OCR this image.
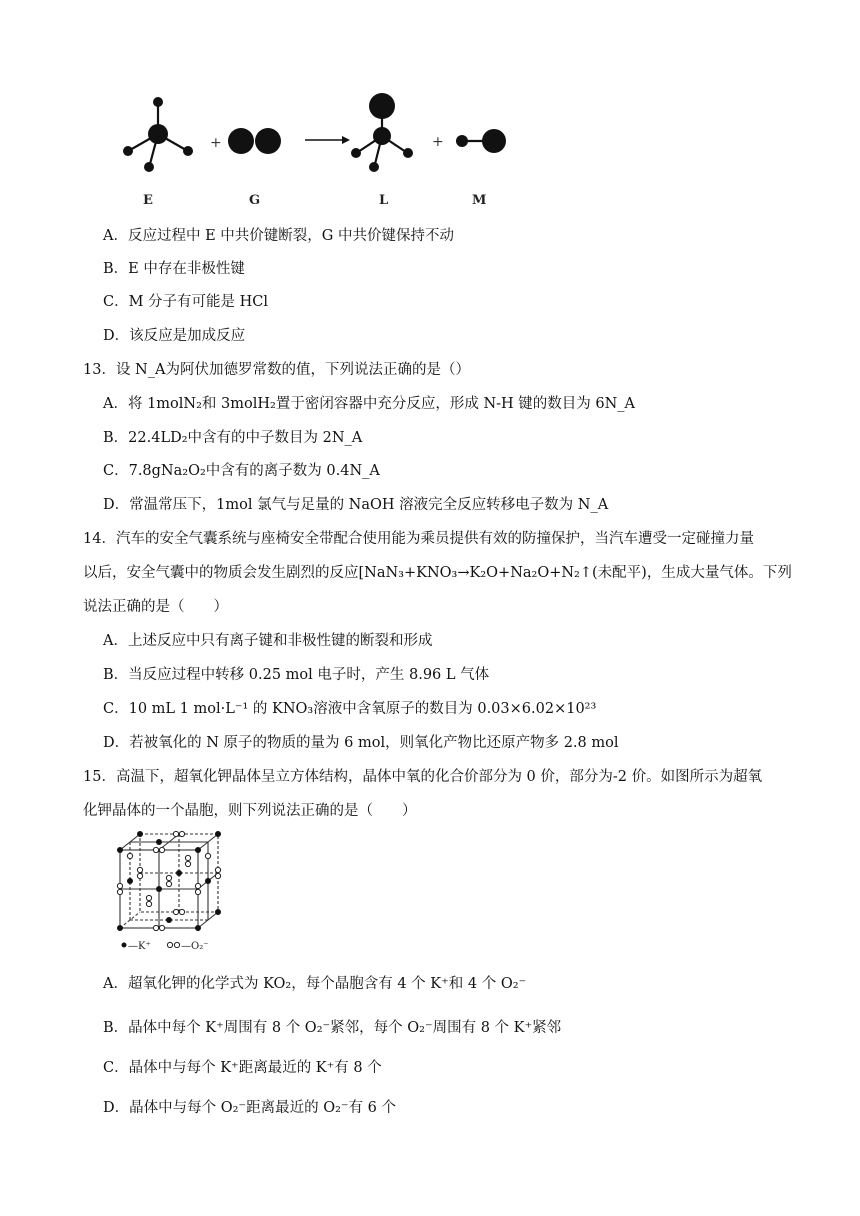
+	+
E	G	L	M
A．反应过程中 E 中共价键断裂，G 中共价键保持不动
B．E 中存在非极性键
C．M 分子有可能是 HCl
D．该反应是加成反应
13．设 N_A为阿伏加德罗常数的值，下列说法正确的是（）
A．将 1molN₂和 3molH₂置于密闭容器中充分反应，形成 N-H 键的数目为 6N_A
B．22.4LD₂中含有的中子数目为 2N_A
C．7.8gNa₂O₂中含有的离子数为 0.4N_A
D．常温常压下，1mol 氯气与足量的 NaOH 溶液完全反应转移电子数为 N_A
14．汽车的安全气囊系统与座椅安全带配合使用能为乘员提供有效的防撞保护，当汽车遭受一定碰撞力量
以后，安全气囊中的物质会发生剧烈的反应[NaN₃+KNO₃→K₂O+Na₂O+N₂↑(未配平)，生成大量气体。下列
说法正确的是（　　）
A．上述反应中只有离子键和非极性键的断裂和形成
B．当反应过程中转移 0.25 mol 电子时，产生 8.96 L 气体
C．10 mL 1 mol·L⁻¹ 的 KNO₃溶液中含氧原子的数目为 0.03×6.02×10²³
D．若被氧化的 N 原子的物质的量为 6 mol，则氧化产物比还原产物多 2.8 mol
15．高温下，超氧化钾晶体呈立方体结构，晶体中氧的化合价部分为 0 价，部分为-2 价。如图所示为超氧
化钾晶体的一个晶胞，则下列说法正确的是（　　）
—K⁺	—O₂⁻
A．超氧化钾的化学式为 KO₂，每个晶胞含有 4 个 K⁺和 4 个 O₂⁻
B．晶体中每个 K⁺周围有 8 个 O₂⁻紧邻，每个 O₂⁻周围有 8 个 K⁺紧邻
C．晶体中与每个 K⁺距离最近的 K⁺有 8 个
D．晶体中与每个 O₂⁻距离最近的 O₂⁻有 6 个
